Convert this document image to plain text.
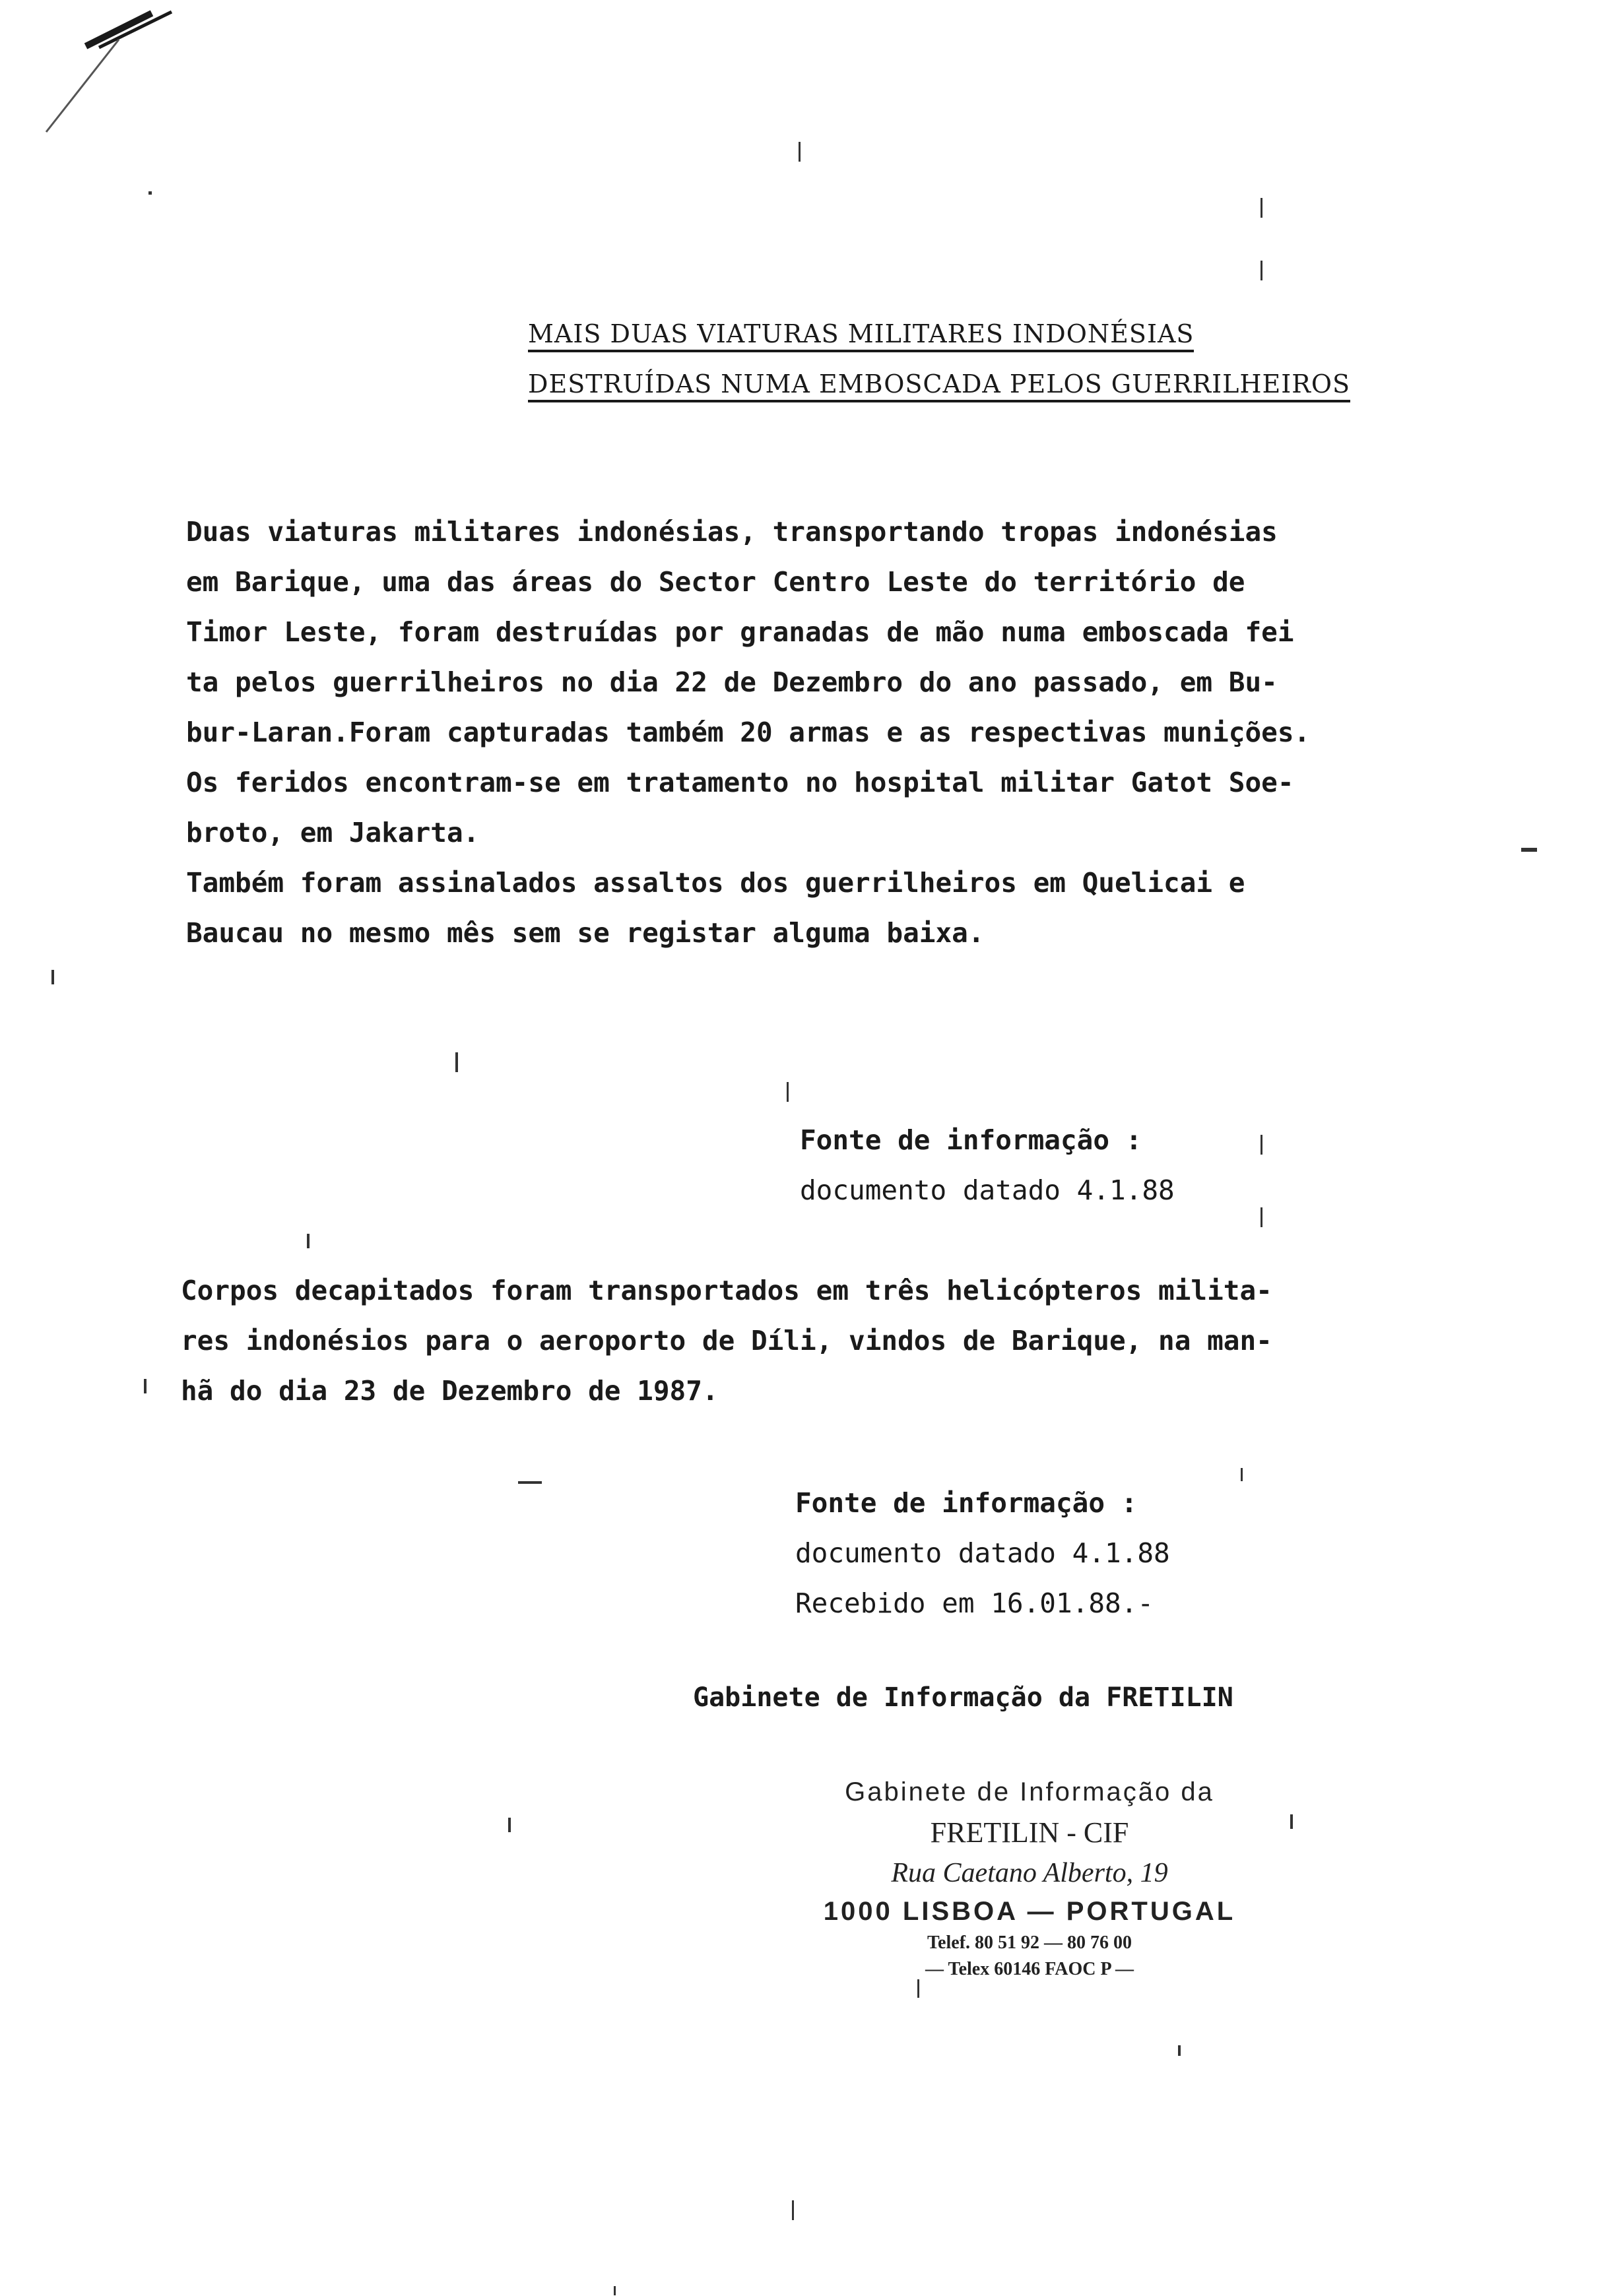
MAIS DUAS VIATURAS MILITARES INDONÉSIAS
DESTRUÍDAS NUMA EMBOSCADA PELOS GUERRILHEIROS
Duas viaturas militares indonésias, transportando tropas indonésias
em Barique, uma das áreas do Sector Centro Leste do território de
Timor Leste, foram destruídas por granadas de mão numa emboscada fei
ta pelos guerrilheiros no dia 22 de Dezembro do ano passado, em Bu-
bur-Laran.Foram capturadas também 20 armas e as respectivas munições.
Os feridos encontram-se em tratamento no hospital militar Gatot Soe-
broto, em Jakarta.
Também foram assinalados assaltos dos guerrilheiros em Quelicai e
Baucau no mesmo mês sem se registar alguma baixa.
Fonte de informação :
documento datado 4.1.88
Corpos decapitados foram transportados em três helicópteros milita-
res indonésios para o aeroporto de Díli, vindos de Barique, na man-
hã do dia 23 de Dezembro de 1987.
Fonte de informação :
documento datado 4.1.88
Recebido em 16.01.88.-
Gabinete de Informação da FRETILIN
Gabinete de Informação da
FRETILIN - CIF
Rua Caetano Alberto, 19
1000 LISBOA — PORTUGAL
Telef. 80 51 92 — 80 76 00
— Telex 60146 FAOC P —
